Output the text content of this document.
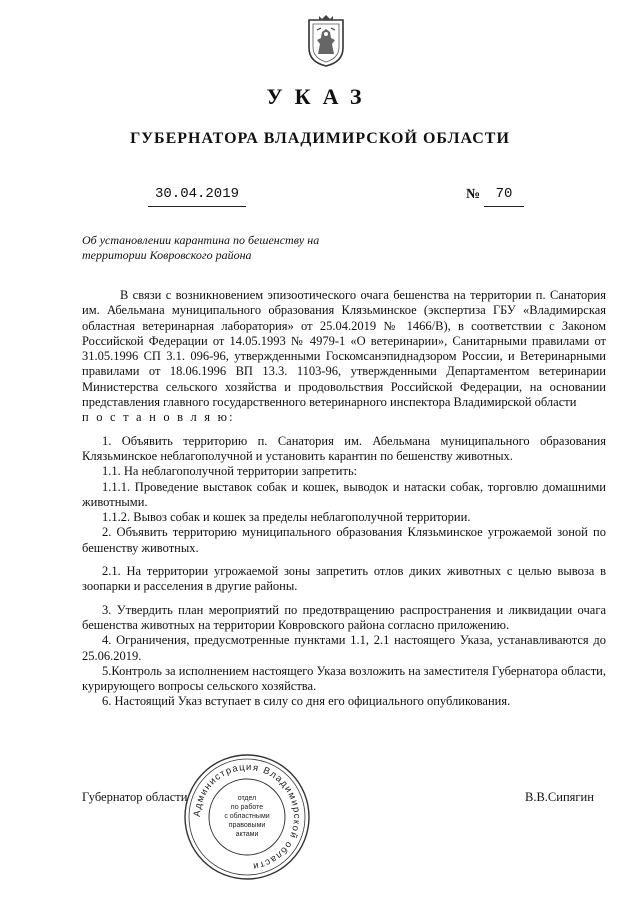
УКАЗ
ГУБЕРНАТОРА ВЛАДИМИРСКОЙ ОБЛАСТИ
30.04.2019	№	70
Об установлении карантина по бешенству на
территории Ковровского района

В связи с возникновением эпизоотического очага бешенства на территории п. Санатория им. Абельмана муниципального образования Клязьминское (экспертиза ГБУ «Владимирская областная ветеринарная лаборатория» от 25.04.2019 № 1466/В), в соответствии с Законом Российской Федерации от 14.05.1993 № 4979-1 «О ветеринарии», Санитарными правилами от 31.05.1996 СП 3.1. 096-96, утвержденными Госкомсанэпиднадзором России, и Ветеринарными правилами от 18.06.1996 ВП 13.3. 1103-96, утвержденными Департаментом ветеринарии Министерства сельского хозяйства и продовольствия Российской Федерации, на основании представления главного государственного ветеринарного инспектора Владимирской области

п о с т а н о в л я ю:

1. Объявить территорию п. Санатория им. Абельмана муниципального образования Клязьминское неблагополучной и установить карантин по бешенству животных.

1.1. На неблагополучной территории запретить:

1.1.1. Проведение выставок собак и кошек, выводок и натаски собак, торговлю домашними животными.

1.1.2. Вывоз собак и кошек за пределы неблагополучной территории.

2. Объявить территорию муниципального образования Клязьминское угрожаемой зоной по бешенству животных.

2.1. На территории угрожаемой зоны запретить отлов диких животных с целью вывоза в зоопарки и расселения в другие районы.

3. Утвердить план мероприятий по предотвращению распространения и ликвидации очага бешенства животных на территории Ковровского района согласно приложению.

4. Ограничения, предусмотренные пунктами 1.1, 2.1 настоящего Указа, устанавливаются до 25.06.2019.

5.Контроль за исполнением настоящего Указа возложить на заместителя Губернатора области, курирующего вопросы сельского хозяйства.

6. Настоящий Указ вступает в силу со дня его официального опубликования.

Губернатор области	В.В.Сипягин
Администрация Владимирской области
отдел
по работе
с областными
правовыми
актами
